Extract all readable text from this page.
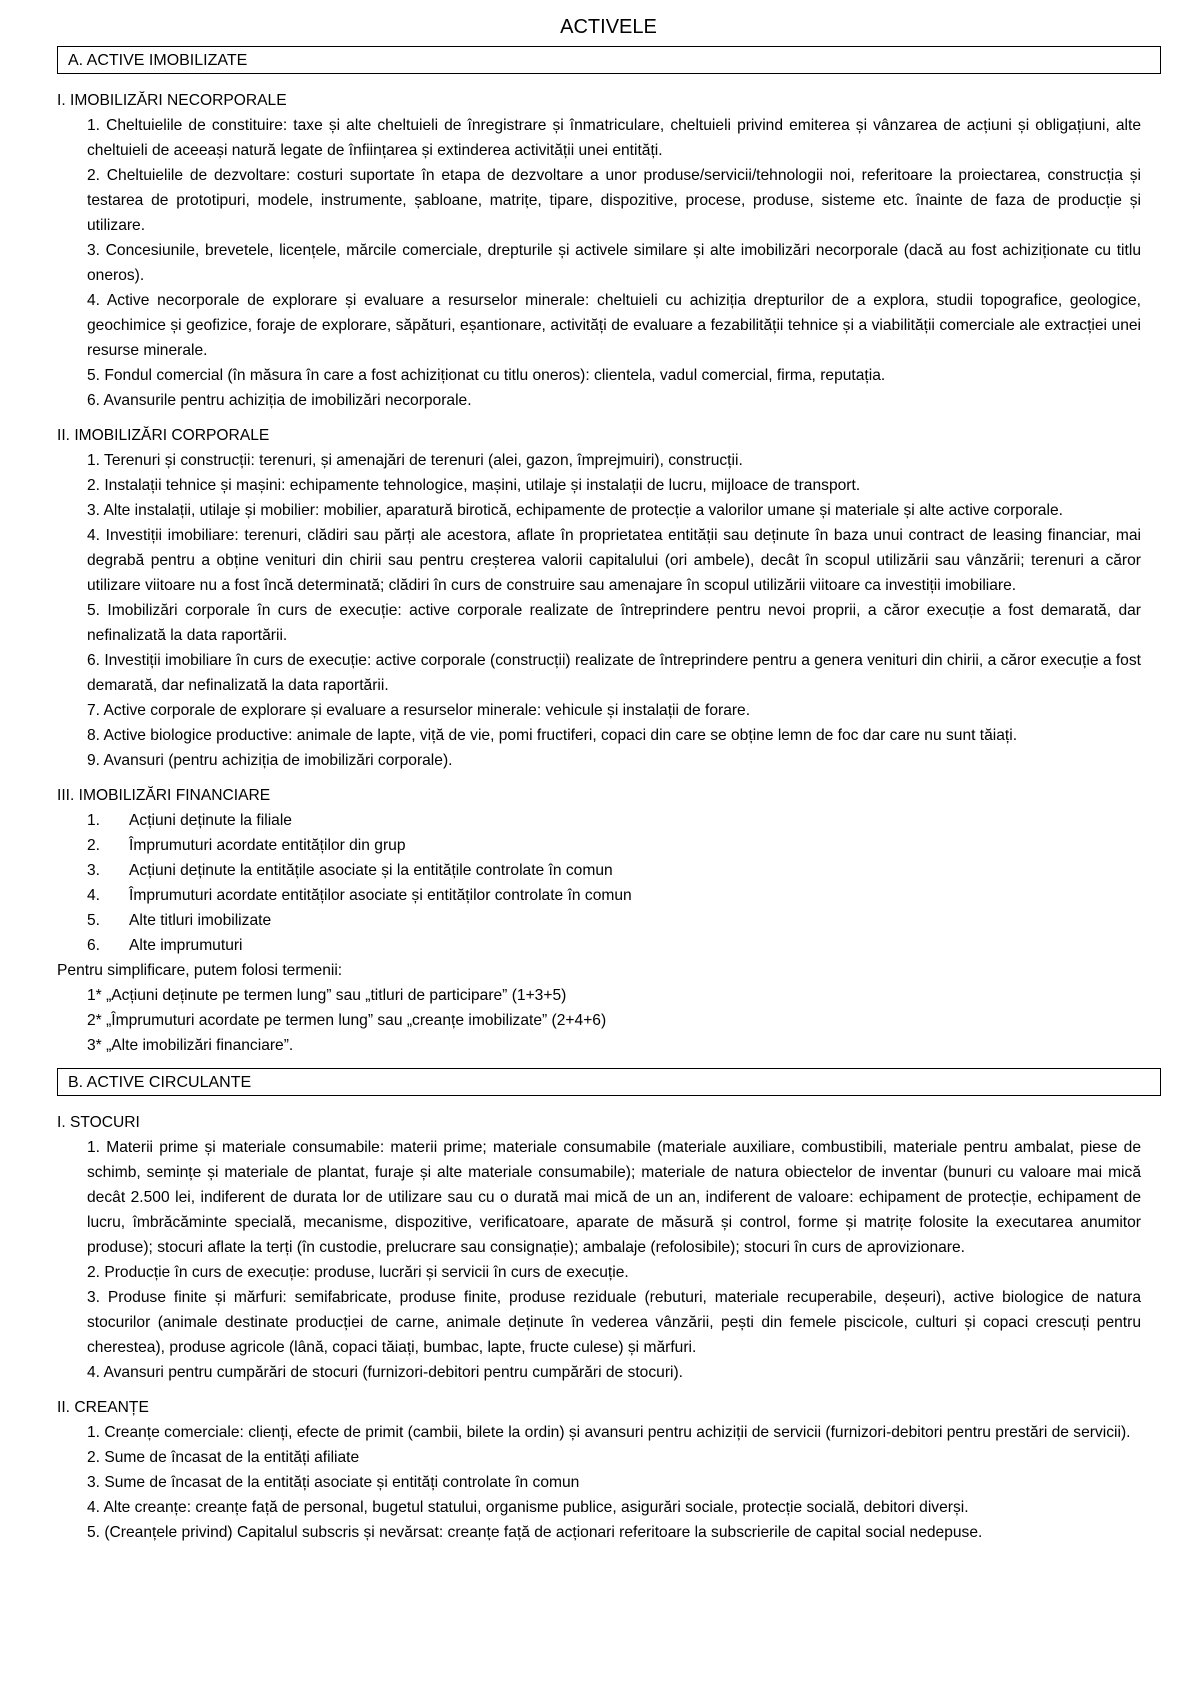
ACTIVELE
A. ACTIVE IMOBILIZATE
I. IMOBILIZĂRI NECORPORALE
1. Cheltuielile de constituire: taxe și alte cheltuieli de înregistrare și înmatriculare, cheltuieli privind emiterea și vânzarea de acțiuni și obligațiuni, alte cheltuieli de aceeași natură legate de înființarea și extinderea activității unei entități.
2. Cheltuielile de dezvoltare: costuri suportate în etapa de dezvoltare a unor produse/servicii/tehnologii noi, referitoare la proiectarea, construcția și testarea de prototipuri, modele, instrumente, șabloane, matrițe, tipare, dispozitive, procese, produse, sisteme etc. înainte de faza de producție și utilizare.
3. Concesiunile, brevetele, licențele, mărcile comerciale, drepturile și activele similare și alte imobilizări necorporale (dacă au fost achiziționate cu titlu oneros).
4. Active necorporale de explorare și evaluare a resurselor minerale: cheltuieli cu achiziția drepturilor de a explora, studii topografice, geologice, geochimice și geofizice, foraje de explorare, săpături, eșantionare, activități de evaluare a fezabilității tehnice și a viabilității comerciale ale extracției unei resurse minerale.
5. Fondul comercial (în măsura în care a fost achiziționat cu titlu oneros): clientela, vadul comercial, firma, reputația.
6. Avansurile pentru achiziția de imobilizări necorporale.
II. IMOBILIZĂRI CORPORALE
1. Terenuri și construcții: terenuri, și amenajări de terenuri (alei, gazon, împrejmuiri), construcții.
2. Instalații tehnice și mașini: echipamente tehnologice, mașini, utilaje și instalații de lucru, mijloace de transport.
3. Alte instalații, utilaje și mobilier: mobilier, aparatură birotică, echipamente de protecție a valorilor umane și materiale și alte active corporale.
4. Investiții imobiliare: terenuri, clădiri sau părți ale acestora, aflate în proprietatea entității sau deținute în baza unui contract de leasing financiar, mai degrabă pentru a obține venituri din chirii sau pentru creșterea valorii capitalului (ori ambele), decât în scopul utilizării sau vânzării; terenuri a căror utilizare viitoare nu a fost încă determinată; clădiri în curs de construire sau amenajare în scopul utilizării viitoare ca investiții imobiliare.
5. Imobilizări corporale în curs de execuție: active corporale realizate de întreprindere pentru nevoi proprii, a căror execuție a fost demarată, dar nefinalizată la data raportării.
6. Investiții imobiliare în curs de execuție: active corporale (construcții) realizate de întreprindere pentru a genera venituri din chirii, a căror execuție a fost demarată, dar nefinalizată la data raportării.
7. Active corporale de explorare și evaluare a resurselor minerale: vehicule și instalații de forare.
8. Active biologice productive: animale de lapte, viță de vie, pomi fructiferi, copaci din care se obține lemn de foc dar care nu sunt tăiați.
9. Avansuri (pentru achiziția de imobilizări corporale).
III. IMOBILIZĂRI FINANCIARE
1. Acțiuni deținute la filiale
2. Împrumuturi acordate entităților din grup
3. Acțiuni deținute la entitățile asociate și la entitățile controlate în comun
4. Împrumuturi acordate entităților asociate și entităților controlate în comun
5. Alte titluri imobilizate
6. Alte imprumuturi
Pentru simplificare, putem folosi termenii:
1* „Acțiuni deținute pe termen lung” sau „titluri de participare” (1+3+5)
2* „Împrumuturi acordate pe termen lung” sau „creanțe imobilizate” (2+4+6)
3* „Alte imobilizări financiare”.
B. ACTIVE CIRCULANTE
I. STOCURI
1. Materii prime și materiale consumabile: materii prime; materiale consumabile (materiale auxiliare, combustibili, materiale pentru ambalat, piese de schimb, semințe și materiale de plantat, furaje și alte materiale consumabile); materiale de natura obiectelor de inventar (bunuri cu valoare mai mică decât 2.500 lei, indiferent de durata lor de utilizare sau cu o durată mai mică de un an, indiferent de valoare: echipament de protecție, echipament de lucru, îmbrăcăminte specială, mecanisme, dispozitive, verificatoare, aparate de măsură și control, forme și matrițe folosite la executarea anumitor produse); stocuri aflate la terți (în custodie, prelucrare sau consignație); ambalaje (refolosibile); stocuri în curs de aprovizionare.
2. Producție în curs de execuție: produse, lucrări și servicii în curs de execuție.
3. Produse finite și mărfuri: semifabricate, produse finite, produse reziduale (rebuturi, materiale recuperabile, deșeuri), active biologice de natura stocurilor (animale destinate producției de carne, animale deținute în vederea vânzării, pești din femele piscicole, culturi și copaci crescuți pentru cherestea), produse agricole (lână, copaci tăiați, bumbac, lapte, fructe culese) și mărfuri.
4. Avansuri pentru cumpărări de stocuri (furnizori-debitori pentru cumpărări de stocuri).
II. CREANȚE
1. Creanțe comerciale: clienți, efecte de primit (cambii, bilete la ordin) și avansuri pentru achiziții de servicii (furnizori-debitori pentru prestări de servicii).
2. Sume de încasat de la entități afiliate
3. Sume de încasat de la entități asociate și entități controlate în comun
4. Alte creanțe: creanțe față de personal, bugetul statului, organisme publice, asigurări sociale, protecție socială, debitori diverși.
5. (Creanțele privind) Capitalul subscris și nevărsat: creanțe față de acționari referitoare la subscrierile de capital social nedepuse.
